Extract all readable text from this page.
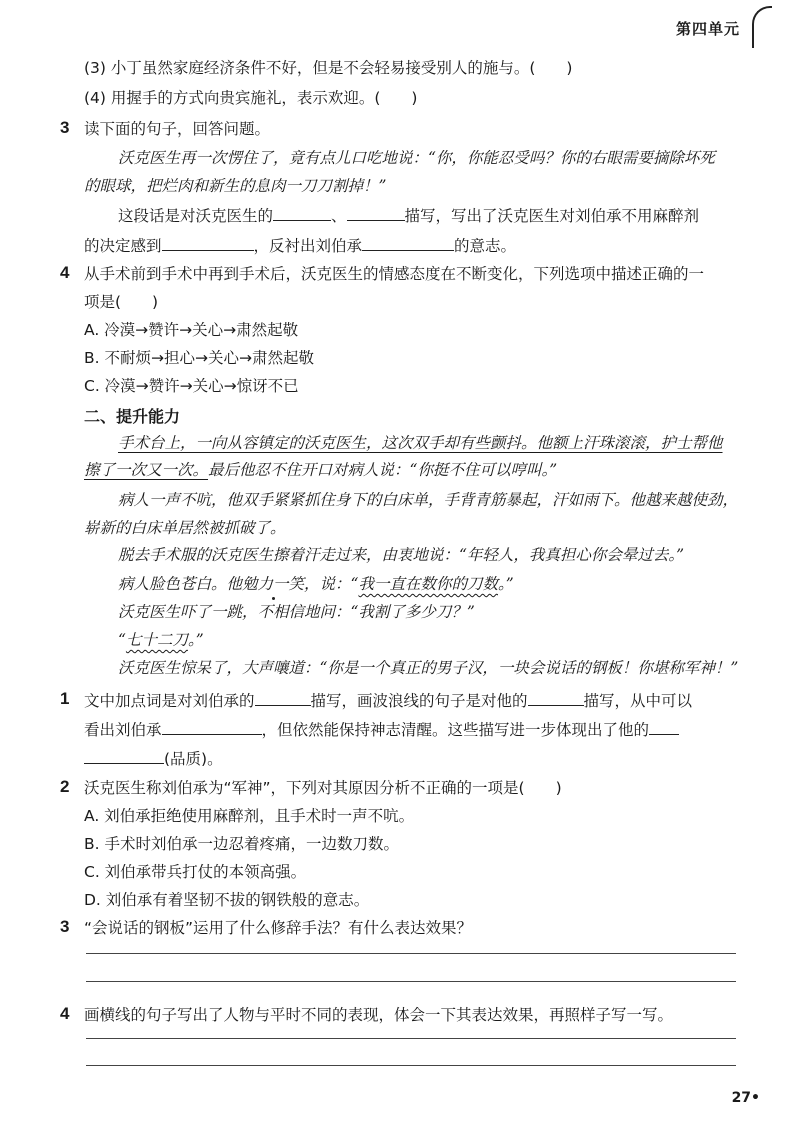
第四单元
(3) 小丁虽然家庭经济条件不好，但是不会轻易接受别人的施与。(　　)
(4) 用握手的方式向贵宾施礼，表示欢迎。(　　)
3 读下面的句子，回答问题。
沃克医生再一次愣住了，竟有点儿口吃地说：“你，你能忍受吗？你的右眼需要摘除坏死
的眼球，把烂肉和新生的息肉一刀刀割掉！”
这段话是对沃克医生的	、	描写，写出了沃克医生对刘伯承不用麻醉剂
的决定感到	，反衬出刘伯承	的意志。
4 从手术前到手术中再到手术后，沃克医生的情感态度在不断变化，下列选项中描述正确的一
项是(　　)
A. 冷漠→赞许→关心→肃然起敬
B. 不耐烦→担心→关心→肃然起敬
C. 冷漠→赞许→关心→惊讶不已
二、提升能力
手术台上，一向从容镇定的沃克医生，这次双手却有些颤抖。他额上汗珠滚滚，护士帮他
擦了一次又一次。最后他忍不住开口对病人说：“你挺不住可以哼叫。”
病人一声不吭，他双手紧紧抓住身下的白床单，手背青筋暴起，汗如雨下。他越来越使劲，
崭新的白床单居然被抓破了。
脱去手术服的沃克医生擦着汗走过来，由衷地说：“年轻人，我真担心你会晕过去。”
病人脸色苍白。他勉力一笑，说：“我一直在数你的刀数。”
沃克医生吓了一跳，不相信地问：“我割了多少刀？”
“七十二刀。”
沃克医生惊呆了，大声嚷道：“你是一个真正的男子汉，一块会说话的钢板！你堪称军神！”
1 文中加点词是对刘伯承的	描写，画波浪线的句子是对他的	描写，从中可以
看出刘伯承	，但依然能保持神志清醒。这些描写进一步体现出了他的
(品质)。
2 沃克医生称刘伯承为“军神”，下列对其原因分析不正确的一项是(　　)
A. 刘伯承拒绝使用麻醉剂，且手术时一声不吭。
B. 手术时刘伯承一边忍着疼痛，一边数刀数。
C. 刘伯承带兵打仗的本领高强。
D. 刘伯承有着坚韧不拔的钢铁般的意志。
3 “会说话的钢板”运用了什么修辞手法？有什么表达效果？
4 画横线的句子写出了人物与平时不同的表现，体会一下其表达效果，再照样子写一写。
27•
